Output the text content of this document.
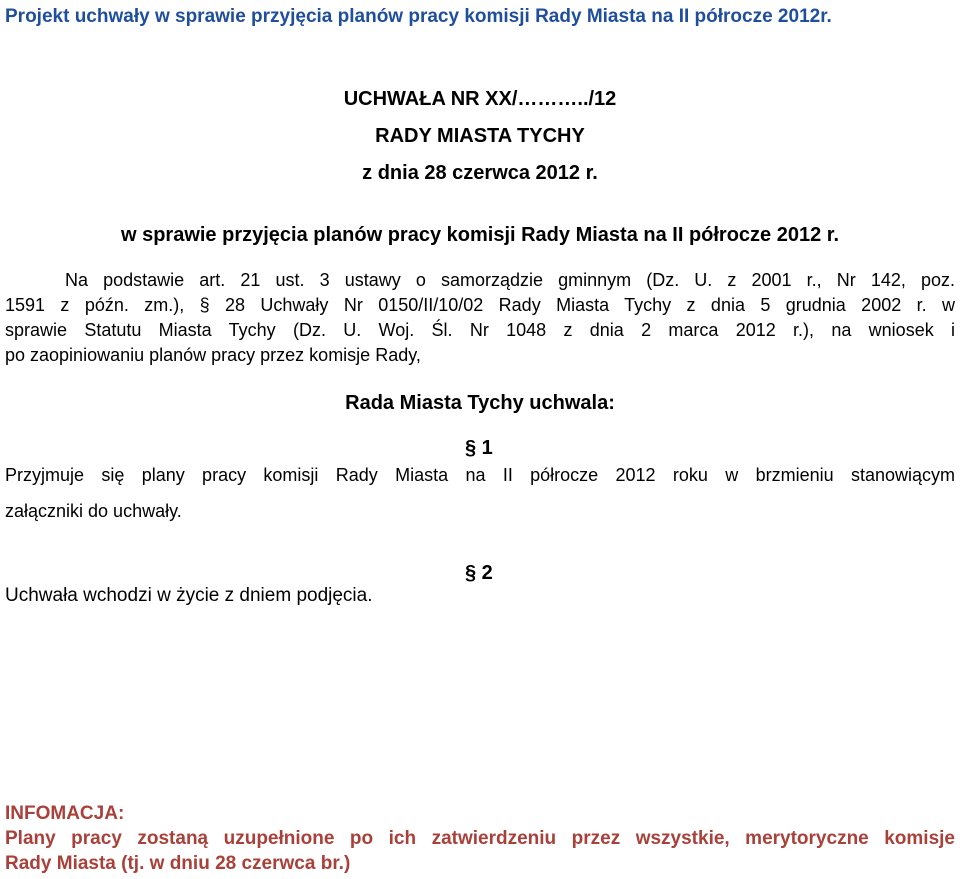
Projekt uchwały w sprawie przyjęcia planów pracy komisji Rady Miasta na II półrocze 2012r.
UCHWAŁA NR XX/………../12
RADY MIASTA TYCHY
z dnia 28 czerwca 2012 r.
w sprawie przyjęcia planów pracy komisji Rady Miasta na II półrocze 2012 r.
Na podstawie art. 21 ust. 3 ustawy o samorządzie gminnym (Dz. U. z 2001 r., Nr 142, poz.
1591 z późn. zm.), § 28 Uchwały Nr 0150/II/10/02 Rady Miasta Tychy z dnia 5 grudnia 2002 r. w
sprawie Statutu Miasta Tychy (Dz. U. Woj. Śl. Nr 1048 z dnia 2 marca 2012 r.), na wniosek i
po zaopiniowaniu planów pracy przez komisje Rady,
Rada Miasta Tychy uchwala:
§ 1
Przyjmuje się plany pracy komisji Rady Miasta na II półrocze 2012 roku w brzmieniu stanowiącym
załączniki do uchwały.
§ 2
Uchwała wchodzi w życie z dniem podjęcia.
INFOMACJA:
Plany pracy zostaną uzupełnione po ich zatwierdzeniu przez wszystkie, merytoryczne komisje
Rady Miasta (tj. w dniu 28 czerwca br.)
